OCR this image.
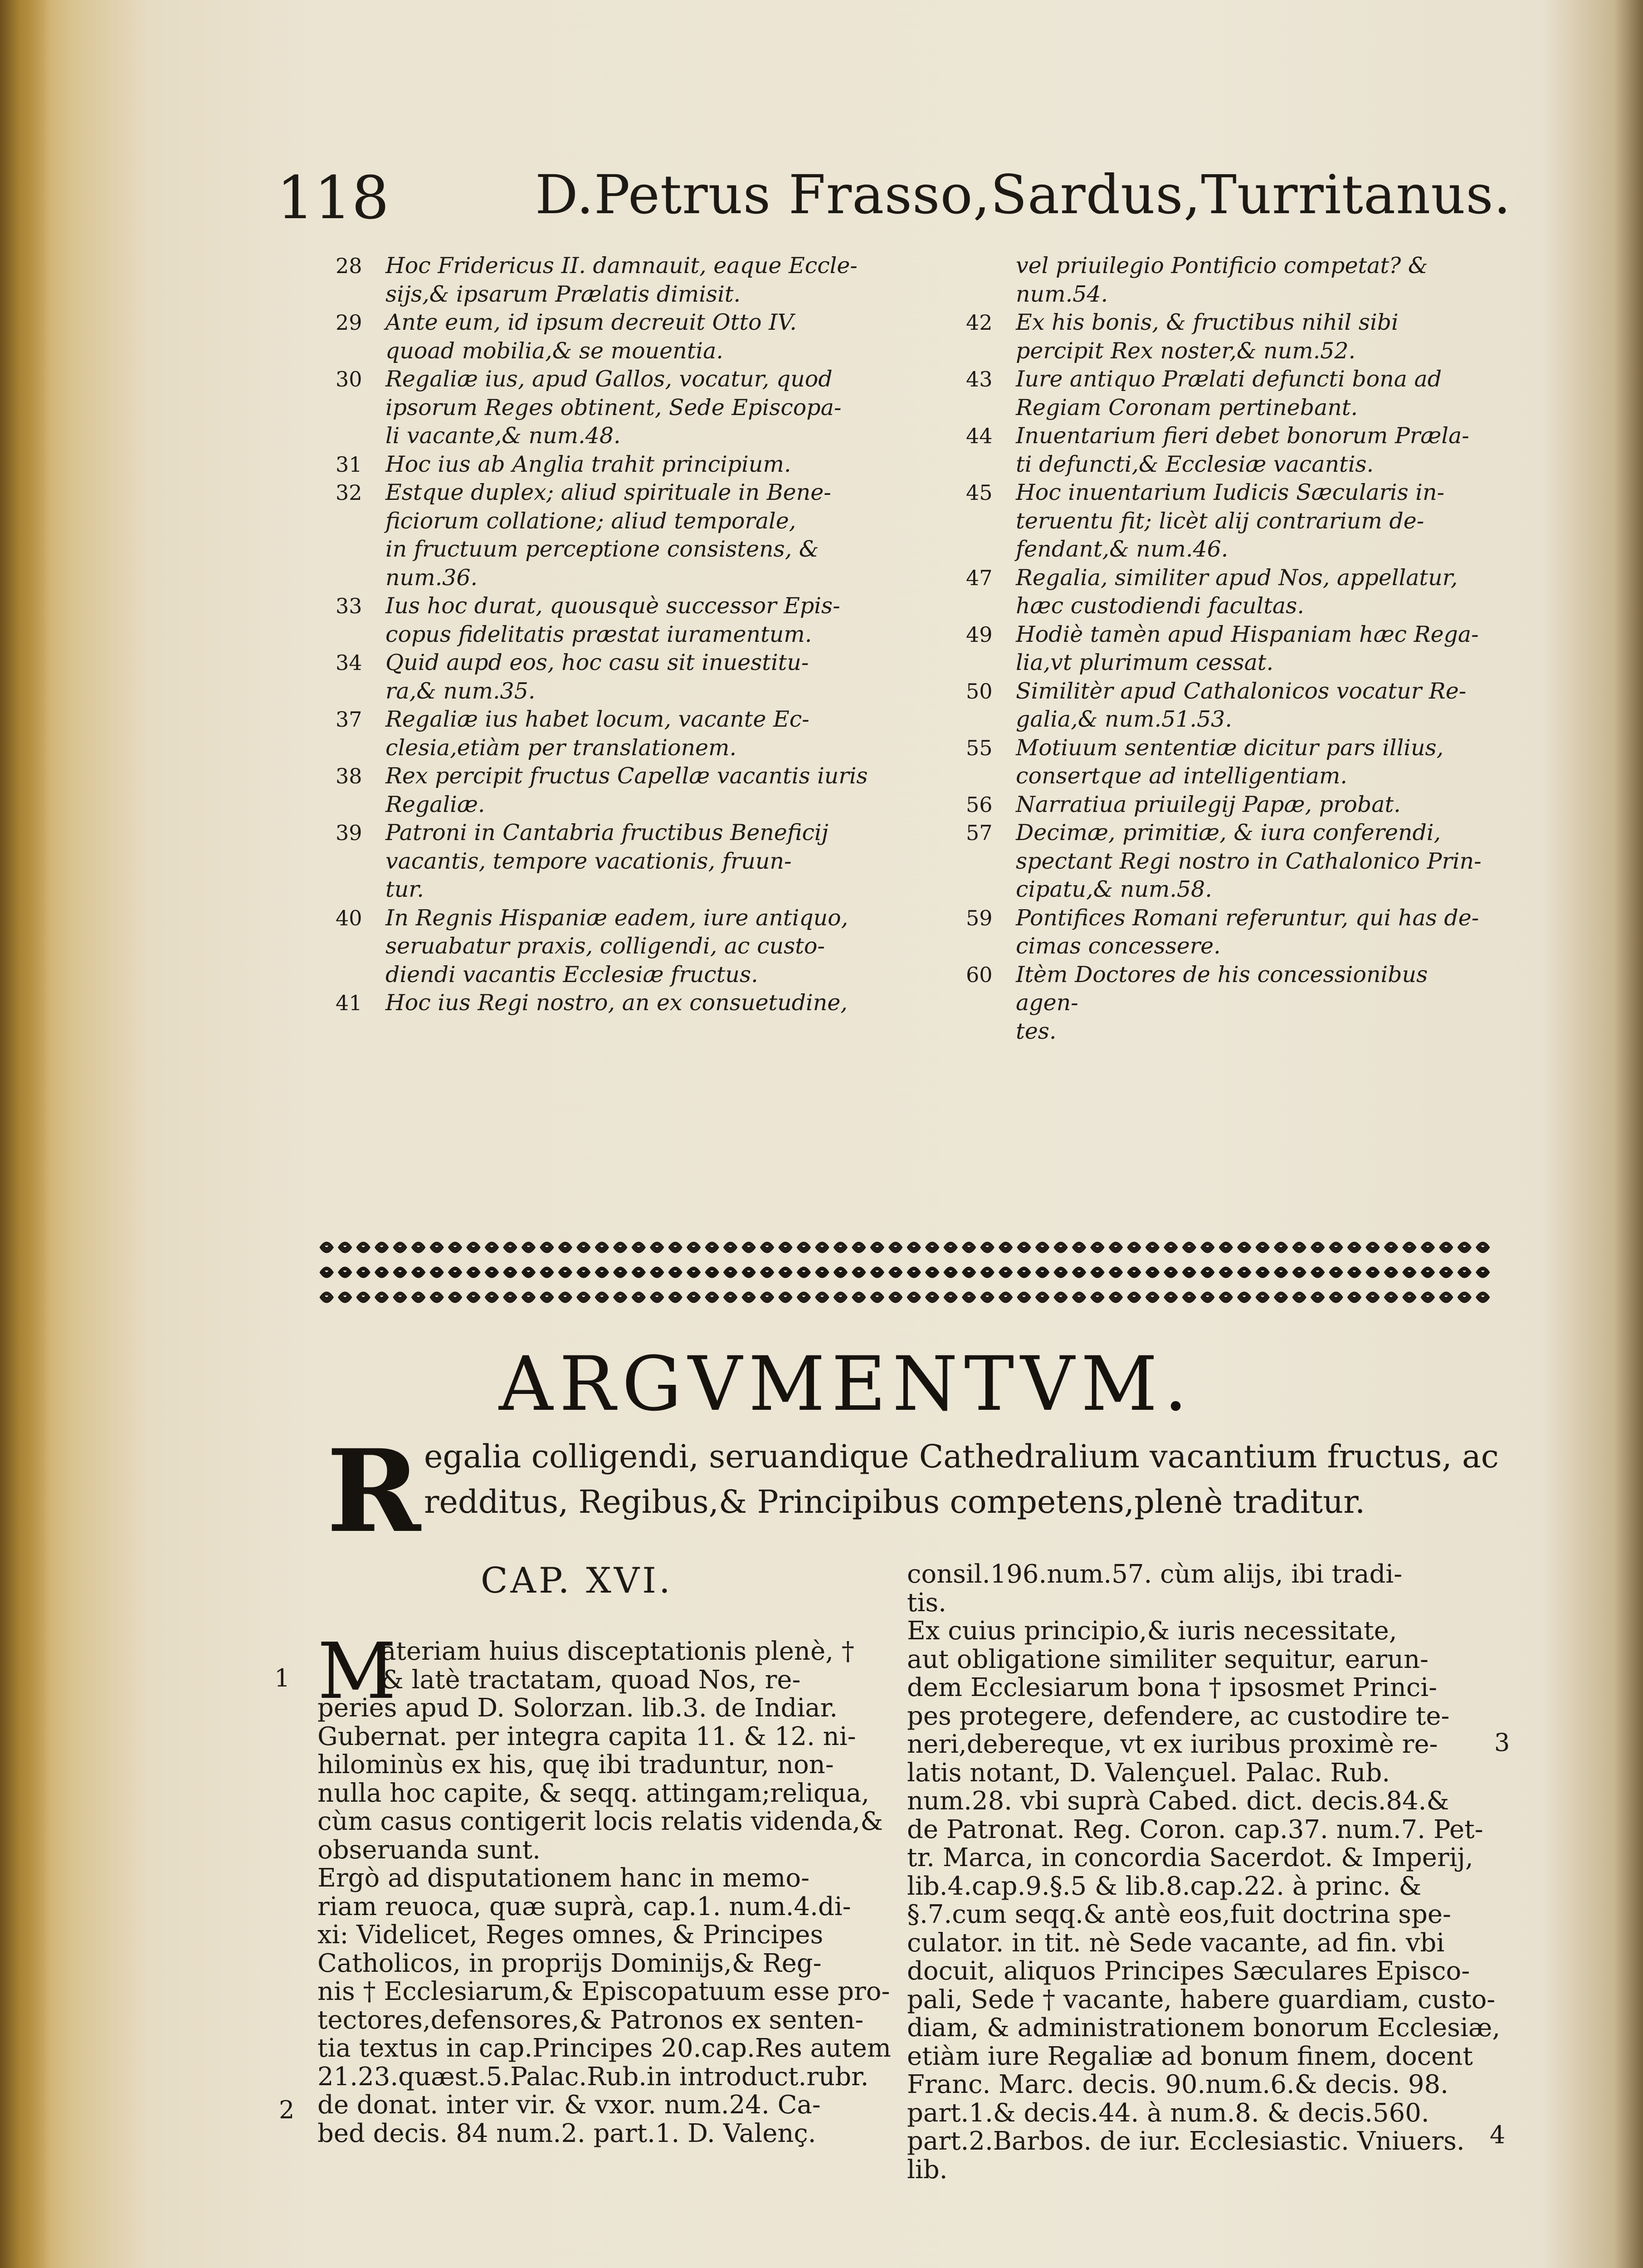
118	D.Petrus Frasso,Sardus,Turritanus.
28	Hoc Fridericus II. damnauit, eaque Eccle-
sijs,& ipsarum Prælatis dimisit.
29	Ante eum, id ipsum decreuit Otto IV.
quoad mobilia,& se mouentia.
30	Regaliæ ius, apud Gallos, vocatur, quod
ipsorum Reges obtinent, Sede Episcopa-
li vacante,& num.48.
31	Hoc ius ab Anglia trahit principium.
32	Estque duplex; aliud spirituale in Bene-
ficiorum collatione; aliud temporale,
in fructuum perceptione consistens, &
num.36.
33	Ius hoc durat, quousquè successor Epis-
copus fidelitatis præstat iuramentum.
34	Quid aupd eos, hoc casu sit inuestitu-
ra,& num.35.
37	Regaliæ ius habet locum, vacante Ec-
clesia,etiàm per translationem.
38	Rex percipit fructus Capellæ vacantis iuris
Regaliæ.
39	Patroni in Cantabria fructibus Beneficij
vacantis, tempore vacationis, fruun-
tur.
40	In Regnis Hispaniæ eadem, iure antiquo,
seruabatur praxis, colligendi, ac custo-
diendi vacantis Ecclesiæ fructus.
41	Hoc ius Regi nostro, an ex consuetudine,
vel priuilegio Pontificio competat? &
num.54.
42	Ex his bonis, & fructibus nihil sibi
percipit Rex noster,& num.52.
43	Iure antiquo Prælati defuncti bona ad
Regiam Coronam pertinebant.
44	Inuentarium fieri debet bonorum Præla-
ti defuncti,& Ecclesiæ vacantis.
45	Hoc inuentarium Iudicis Sæcularis in-
teruentu fit; licèt alij contrarium de-
fendant,& num.46.
47	Regalia, similiter apud Nos, appellatur,
hæc custodiendi facultas.
49	Hodiè tamèn apud Hispaniam hæc Rega-
lia,vt plurimum cessat.
50	Similitèr apud Cathalonicos vocatur Re-
galia,& num.51.53.
55	Motiuum sententiæ dicitur pars illius,
consertque ad intelligentiam.
56	Narratiua priuilegij Papæ, probat.
57	Decimæ, primitiæ, & iura conferendi,
spectant Regi nostro in Cathalonico Prin-
cipatu,& num.58.
59	Pontifices Romani referuntur, qui has de-
cimas concessere.
60	Itèm Doctores de his concessionibus agen-
tes.
ARGVMENTVM.
R egalia colligendi, seruandique Cathedralium vacantium fructus, ac
redditus, Regibus,& Principibus competens,plenè traditur.
CAP. XVI.
M
ateriam huius disceptationis plenè, †
& latè tractatam, quoad Nos, re-
peries apud D. Solorzan. lib.3. de Indiar.
Gubernat. per integra capita 11. & 12. ni-
hilominùs ex his, quę ibi traduntur, non-
nulla hoc capite, & seqq. attingam;reliqua,
cùm casus contigerit locis relatis videnda,&
obseruanda sunt.
Ergò ad disputationem hanc in memo-
riam reuoca, quæ suprà, cap.1. num.4.di-
xi: Videlicet, Reges omnes, & Principes
Catholicos, in proprijs Dominijs,& Reg-
nis † Ecclesiarum,& Episcopatuum esse pro-
tectores,defensores,& Patronos ex senten-
tia textus in cap.Principes 20.cap.Res autem
21.23.quæst.5.Palac.Rub.in introduct.rubr.
de donat. inter vir. & vxor. num.24. Ca-
bed decis. 84 num.2. part.1. D. Valenç.
consil.196.num.57. cùm alijs, ibi tradi-
tis.
Ex cuius principio,& iuris necessitate,
aut obligatione similiter sequitur, earun-
dem Ecclesiarum bona † ipsosmet Princi-
pes protegere, defendere, ac custodire te-
neri,debereque, vt ex iuribus proximè re-
latis notant, D. Valençuel. Palac. Rub.
num.28. vbi suprà Cabed. dict. decis.84.&
de Patronat. Reg. Coron. cap.37. num.7. Pet-
tr. Marca, in concordia Sacerdot. & Imperij,
lib.4.cap.9.§.5 & lib.8.cap.22. à princ. &
§.7.cum seqq.& antè eos,fuit doctrina spe-
culator. in tit. nè Sede vacante, ad fin. vbi
docuit, aliquos Principes Sæculares Episco-
pali, Sede † vacante, habere guardiam, custo-
diam, & administrationem bonorum Ecclesiæ,
etiàm iure Regaliæ ad bonum finem, docent
Franc. Marc. decis. 90.num.6.& decis. 98.
part.1.& decis.44. à num.8. & decis.560.
part.2.Barbos. de iur. Ecclesiastic. Vniuers.
lib.
1
2
3
4
